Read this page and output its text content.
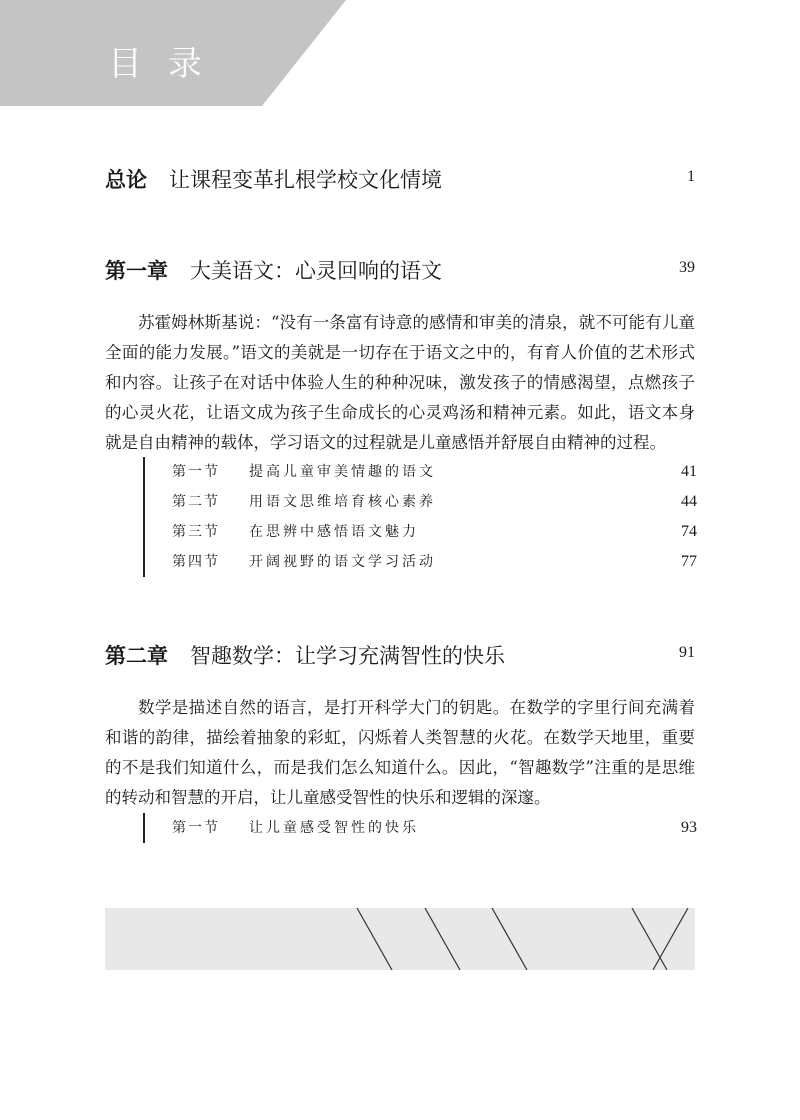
目录
总论 让课程变革扎根学校文化情境	1
第一章 大美语文：心灵回响的语文	39

苏霍姆林斯基说：“没有一条富有诗意的感情和审美的清泉，就不可能有儿童全面的能力发展。”语文的美就是一切存在于语文之中的，有育人价值的艺术形式和内容。让孩子在对话中体验人生的种种况味，激发孩子的情感渴望，点燃孩子的心灵火花，让语文成为孩子生命成长的心灵鸡汤和精神元素。如此，语文本身就是自由精神的载体，学习语文的过程就是儿童感悟并舒展自由精神的过程。

第一节 提高儿童审美情趣的语文	41
第二节 用语文思维培育核心素养	44
第三节 在思辨中感悟语文魅力	74
第四节 开阔视野的语文学习活动	77
第二章 智趣数学：让学习充满智性的快乐	91

数学是描述自然的语言，是打开科学大门的钥匙。在数学的字里行间充满着和谐的韵律，描绘着抽象的彩虹，闪烁着人类智慧的火花。在数学天地里，重要的不是我们知道什么，而是我们怎么知道什么。因此，“智趣数学”注重的是思维的转动和智慧的开启，让儿童感受智性的快乐和逻辑的深邃。

第一节 让儿童感受智性的快乐	93
